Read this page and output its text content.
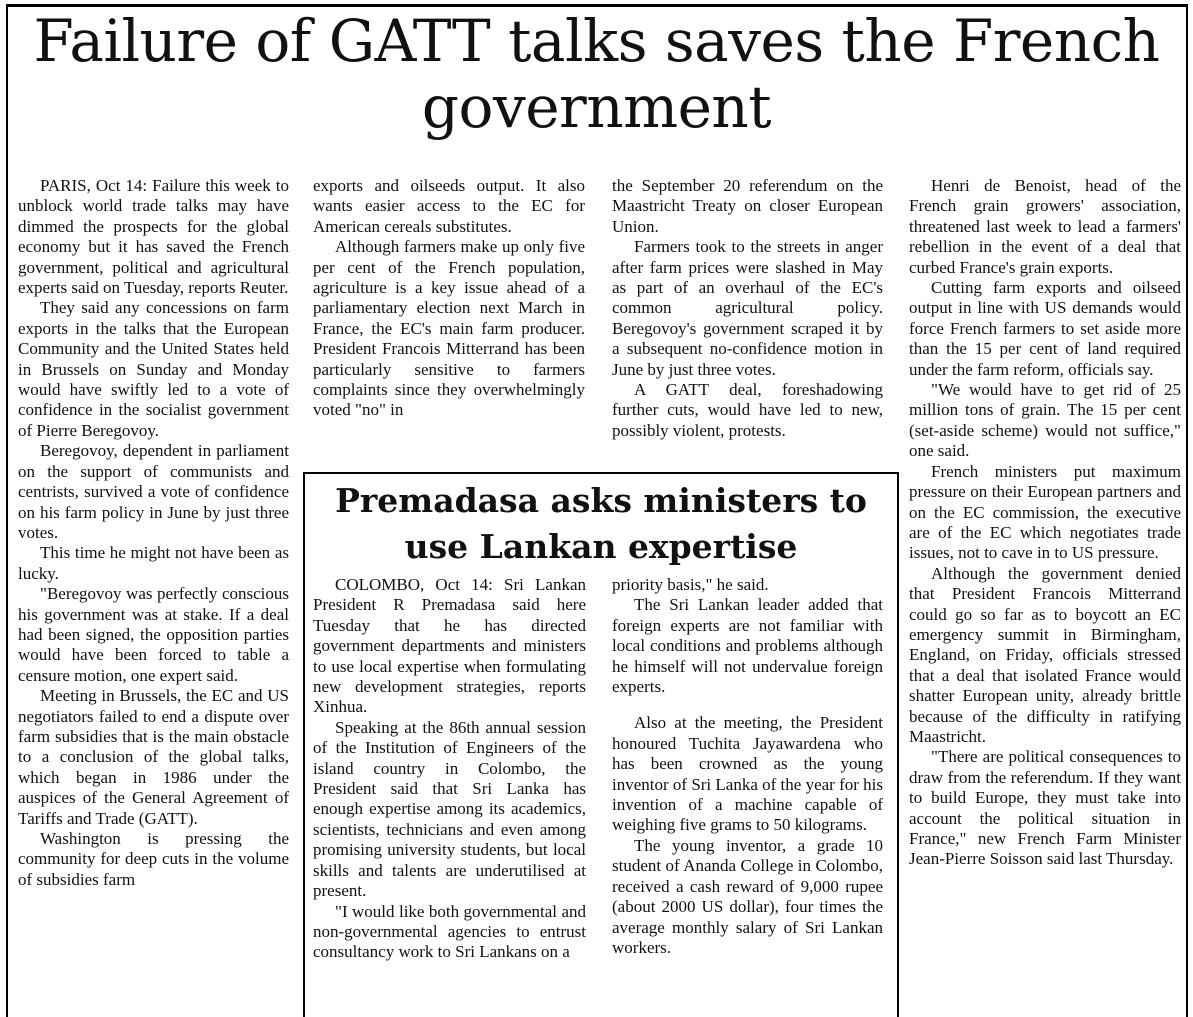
Failure of GATT talks saves the French government

PARIS, Oct 14: Failure this week to unblock world trade talks may have dimmed the prospects for the global economy but it has saved the French government, political and agricultural experts said on Tuesday, reports Reuter.

They said any concessions on farm exports in the talks that the European Community and the United States held in Brussels on Sunday and Monday would have swiftly led to a vote of confidence in the socialist government of Pierre Beregovoy.

Beregovoy, dependent in parliament on the support of communists and centrists, survived a vote of confidence on his farm policy in June by just three votes.

This time he might not have been as lucky.

"Beregovoy was perfectly conscious his government was at stake. If a deal had been signed, the opposition parties would have been forced to table a censure motion, one expert said.

Meeting in Brussels, the EC and US negotiators failed to end a dispute over farm subsidies that is the main obstacle to a conclusion of the global talks, which began in 1986 under the auspices of the General Agreement of Tariffs and Trade (GATT).

Washington is pressing the community for deep cuts in the volume of subsidies farm

exports and oilseeds output. It also wants easier access to the EC for American cereals substitutes.

Although farmers make up only five per cent of the French population, agriculture is a key issue ahead of a parliamentary election next March in France, the EC's main farm producer. President Francois Mitterrand has been particularly sensitive to farmers complaints since they overwhelmingly voted "no" in

the September 20 referendum on the Maastricht Treaty on closer European Union.

Farmers took to the streets in anger after farm prices were slashed in May as part of an overhaul of the EC's common agricultural policy. Beregovoy's government scraped it by a subsequent no-confidence motion in June by just three votes.

A GATT deal, foreshadowing further cuts, would have led to new, possibly violent, protests.

Henri de Benoist, head of the French grain growers' association, threatened last week to lead a farmers' rebellion in the event of a deal that curbed France's grain exports.

Cutting farm exports and oilseed output in line with US demands would force French farmers to set aside more than the 15 per cent of land required under the farm reform, officials say.

"We would have to get rid of 25 million tons of grain. The 15 per cent (set-aside scheme) would not suffice," one said.

French ministers put maximum pressure on their European partners and on the EC commission, the executive are of the EC which negotiates trade issues, not to cave in to US pressure.

Although the government denied that President Francois Mitterrand could go so far as to boycott an EC emergency summit in Birmingham, England, on Friday, officials stressed that a deal that isolated France would shatter European unity, already brittle because of the difficulty in ratifying Maastricht.

"There are political consequences to draw from the referendum. If they want to build Europe, they must take into account the political situation in France," new French Farm Minister Jean-Pierre Soisson said last Thursday.

Premadasa asks ministers to use Lankan expertise

COLOMBO, Oct 14: Sri Lankan President R Premadasa said here Tuesday that he has directed government departments and ministers to use local expertise when formulating new development strategies, reports Xinhua.

Speaking at the 86th annual session of the Institution of Engineers of the island country in Colombo, the President said that Sri Lanka has enough expertise among its academics, scientists, technicians and even among promising university students, but local skills and talents are underutilised at present.

"I would like both governmental and non-governmental agencies to entrust consultancy work to Sri Lankans on a

priority basis," he said.

The Sri Lankan leader added that foreign experts are not familiar with local conditions and problems although he himself will not undervalue foreign experts.

Also at the meeting, the President honoured Tuchita Jayawardena who has been crowned as the young inventor of Sri Lanka of the year for his invention of a machine capable of weighing five grams to 50 kilograms.

The young inventor, a grade 10 student of Ananda College in Colombo, received a cash reward of 9,000 rupee (about 2000 US dollar), four times the average monthly salary of Sri Lankan workers.
